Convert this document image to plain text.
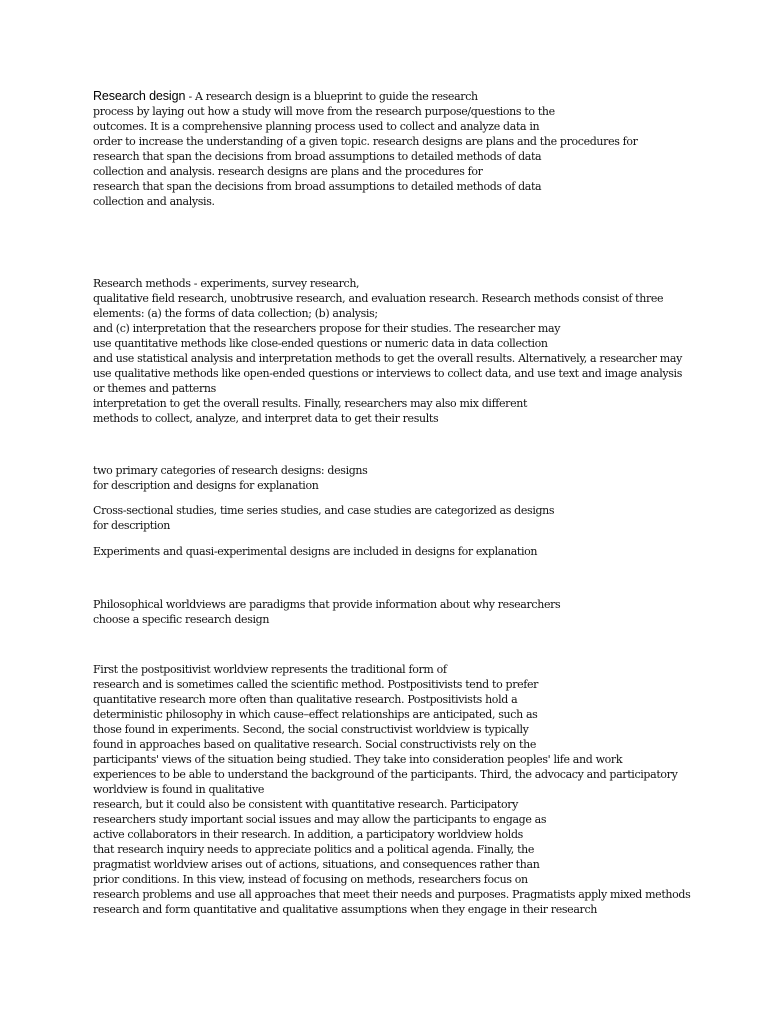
Research design - A research design is a blueprint to guide the research
process by laying out how a study will move from the research purpose/questions to the
outcomes. It is a comprehensive planning process used to collect and analyze data in
order to increase the understanding of a given topic. research designs are plans and the procedures for
research that span the decisions from broad assumptions to detailed methods of data
collection and analysis. research designs are plans and the procedures for
research that span the decisions from broad assumptions to detailed methods of data
collection and analysis.
Research methods - experiments, survey research,
qualitative field research, unobtrusive research, and evaluation research. Research methods consist of three
elements: (a) the forms of data collection; (b) analysis;
and (c) interpretation that the researchers propose for their studies. The researcher may
use quantitative methods like close-ended questions or numeric data in data collection
and use statistical analysis and interpretation methods to get the overall results. Alternatively, a researcher may
use qualitative methods like open-ended questions or interviews to collect data, and use text and image analysis
or themes and patterns
interpretation to get the overall results. Finally, researchers may also mix different
methods to collect, analyze, and interpret data to get their results
two primary categories of research designs: designs
for description and designs for explanation
Cross-sectional studies, time series studies, and case studies are categorized as designs
for description
Experiments and quasi-experimental designs are included in designs for explanation
Philosophical worldviews are paradigms that provide information about why researchers
choose a specific research design
First the postpositivist worldview represents the traditional form of
research and is sometimes called the scientific method. Postpositivists tend to prefer
quantitative research more often than qualitative research. Postpositivists hold a
deterministic philosophy in which cause–effect relationships are anticipated, such as
those found in experiments. Second, the social constructivist worldview is typically
found in approaches based on qualitative research. Social constructivists rely on the
participants' views of the situation being studied. They take into consideration peoples' life and work
experiences to be able to understand the background of the participants. Third, the advocacy and participatory
worldview is found in qualitative
research, but it could also be consistent with quantitative research. Participatory
researchers study important social issues and may allow the participants to engage as
active collaborators in their research. In addition, a participatory worldview holds
that research inquiry needs to appreciate politics and a political agenda. Finally, the
pragmatist worldview arises out of actions, situations, and consequences rather than
prior conditions. In this view, instead of focusing on methods, researchers focus on
research problems and use all approaches that meet their needs and purposes. Pragmatists apply mixed methods
research and form quantitative and qualitative assumptions when they engage in their research
